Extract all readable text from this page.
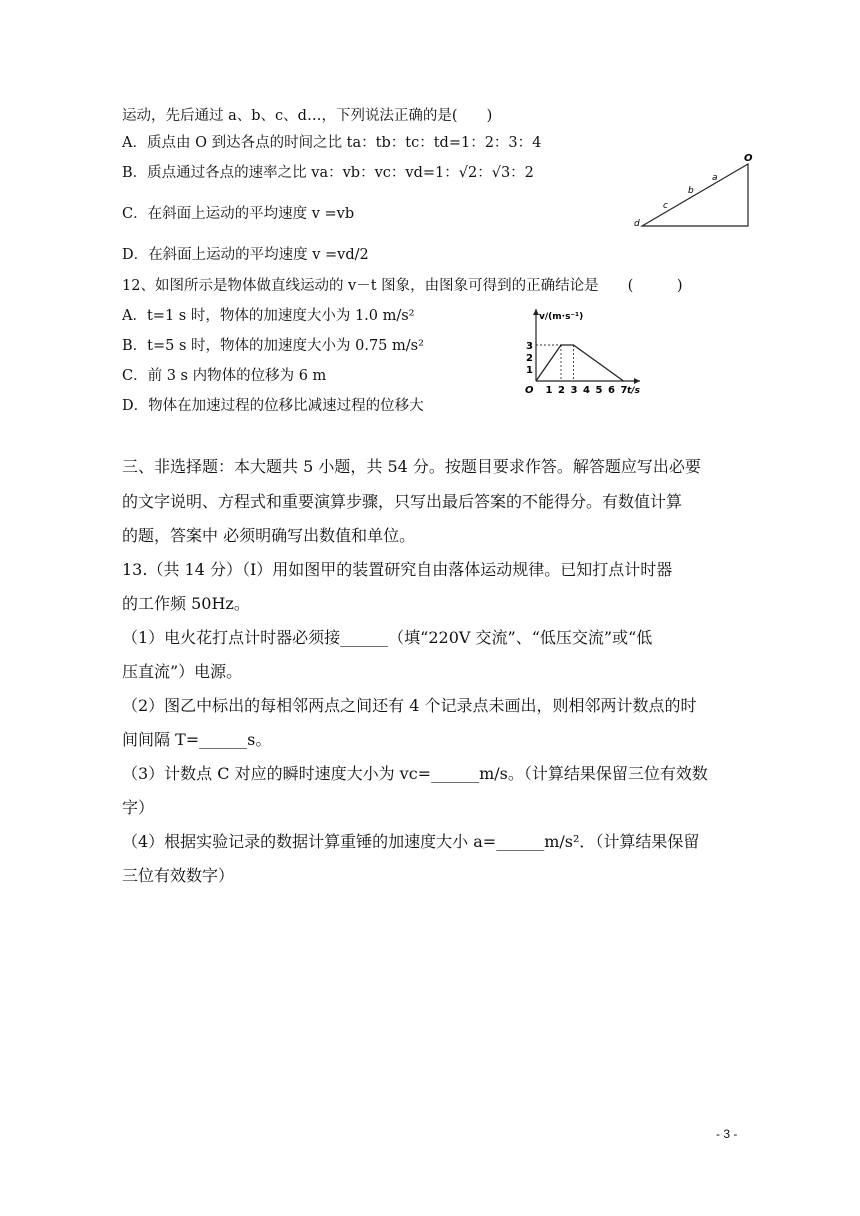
运动，先后通过 a、b、c、d…，下列说法正确的是(　　)
A．质点由 O 到达各点的时间之比 ta：tb：tc：td=1：2：3：4
B．质点通过各点的速率之比 va：vb：vc：vd=1：√2：√3：2
C．在斜面上运动的平均速度 v =vb
D．在斜面上运动的平均速度 v =vd/2
O
a
b
c
d
12、如图所示是物体做直线运动的 v－t 图象，由图象可得到的正确结论是　　(　　　)
A．t=1 s 时，物体的加速度大小为 1.0 m/s²
B．t=5 s 时，物体的加速度大小为 0.75 m/s²
C．前 3 s 内物体的位移为 6 m
D．物体在加速过程的位移比减速过程的位移大
v/(m·s⁻¹)
t/s
O 1 2 3 4 5 6 7
1
2
3
三、非选择题：本大题共 5 小题，共 54 分。按题目要求作答。解答题应写出必要
的文字说明、方程式和重要演算步骤，只写出最后答案的不能得分。有数值计算
的题，答案中 必须明确写出数值和单位。
13.（共 14 分）（Ⅰ）用如图甲的装置研究自由落体运动规律。已知打点计时器
的工作频 50Hz。
（1）电火花打点计时器必须接______（填“220V 交流”、“低压交流”或“低
压直流”）电源。
（2）图乙中标出的每相邻两点之间还有 4 个记录点未画出，则相邻两计数点的时
间间隔 T=______s。
（3）计数点 C 对应的瞬时速度大小为 vc=______m/s。（计算结果保留三位有效数
字）
（4）根据实验记录的数据计算重锤的加速度大小 a=______m/s²．（计算结果保留
三位有效数字）
- 3 -
